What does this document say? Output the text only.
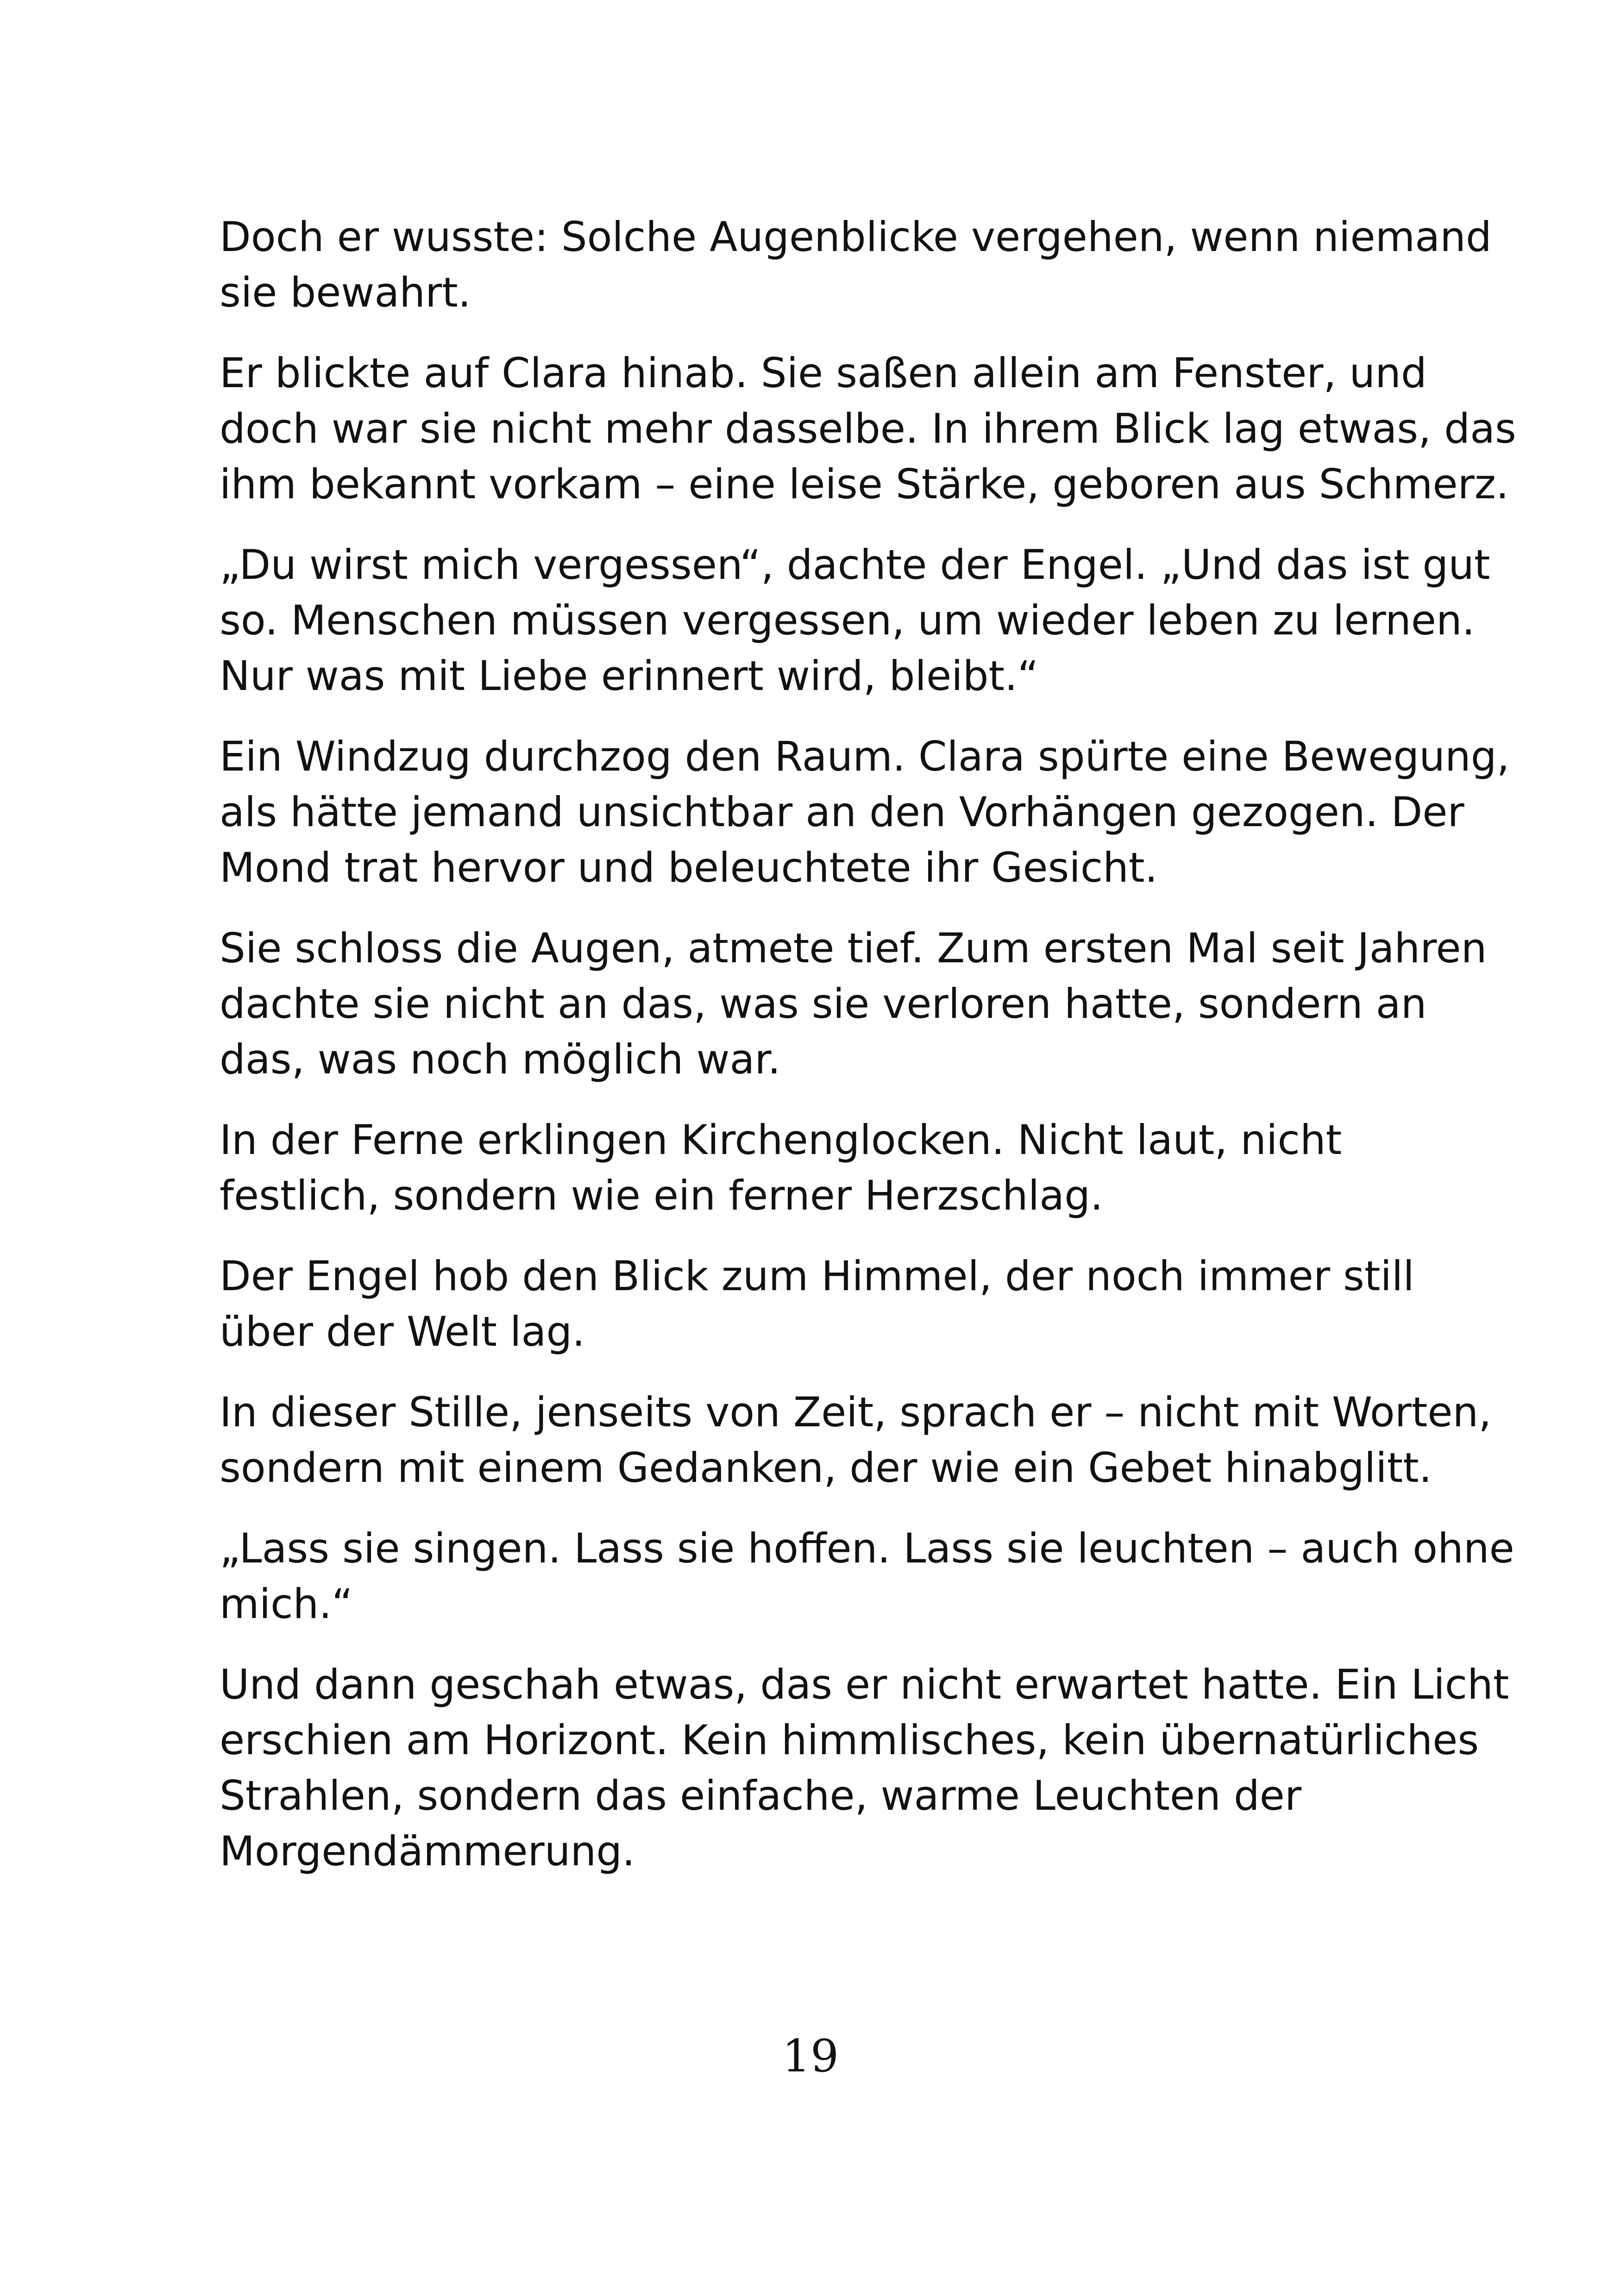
Doch er wusste: Solche Augenblicke vergehen, wenn niemand
sie bewahrt.

Er blickte auf Clara hinab. Sie saßen allein am Fenster, und
doch war sie nicht mehr dasselbe. In ihrem Blick lag etwas, das
ihm bekannt vorkam – eine leise Stärke, geboren aus Schmerz.

„Du wirst mich vergessen“, dachte der Engel. „Und das ist gut
so. Menschen müssen vergessen, um wieder leben zu lernen.
Nur was mit Liebe erinnert wird, bleibt.“

Ein Windzug durchzog den Raum. Clara spürte eine Bewegung,
als hätte jemand unsichtbar an den Vorhängen gezogen. Der
Mond trat hervor und beleuchtete ihr Gesicht.

Sie schloss die Augen, atmete tief. Zum ersten Mal seit Jahren
dachte sie nicht an das, was sie verloren hatte, sondern an
das, was noch möglich war.

In der Ferne erklingen Kirchenglocken. Nicht laut, nicht
festlich, sondern wie ein ferner Herzschlag.

Der Engel hob den Blick zum Himmel, der noch immer still
über der Welt lag.

In dieser Stille, jenseits von Zeit, sprach er – nicht mit Worten,
sondern mit einem Gedanken, der wie ein Gebet hinabglitt.

„Lass sie singen. Lass sie hoffen. Lass sie leuchten – auch ohne
mich.“

Und dann geschah etwas, das er nicht erwartet hatte. Ein Licht
erschien am Horizont. Kein himmlisches, kein übernatürliches
Strahlen, sondern das einfache, warme Leuchten der
Morgendämmerung.

19
